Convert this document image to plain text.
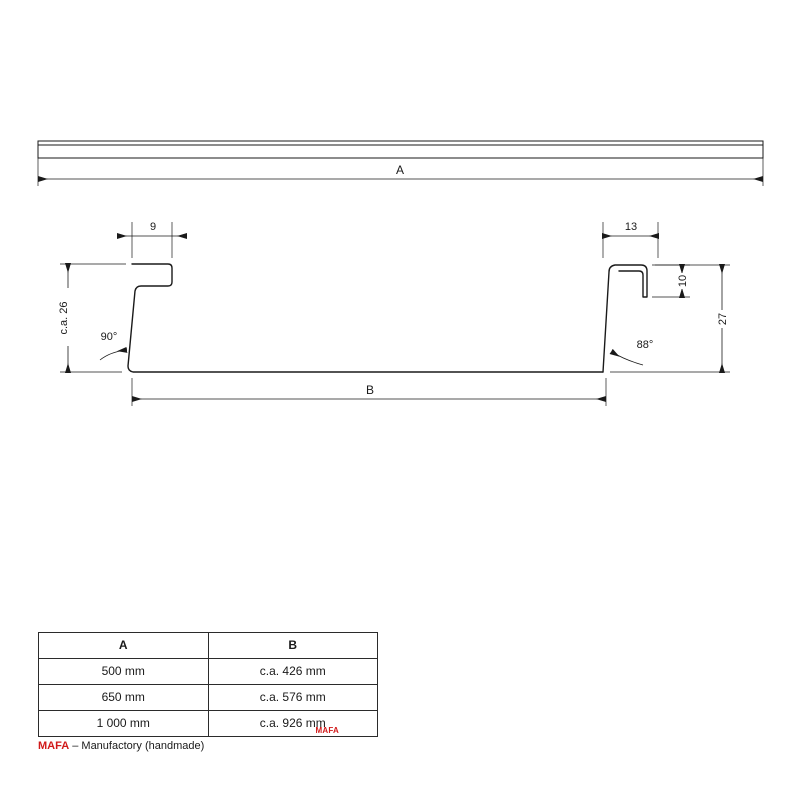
A
9	13
10
27
c.a. 26
B
90°
88°
A	B
500 mm	c.a. 426 mm
650 mm	c.a. 576 mm
1 000 mm	c.a. 926 mm
MAFA
MAFA – Manufactory (handmade)
